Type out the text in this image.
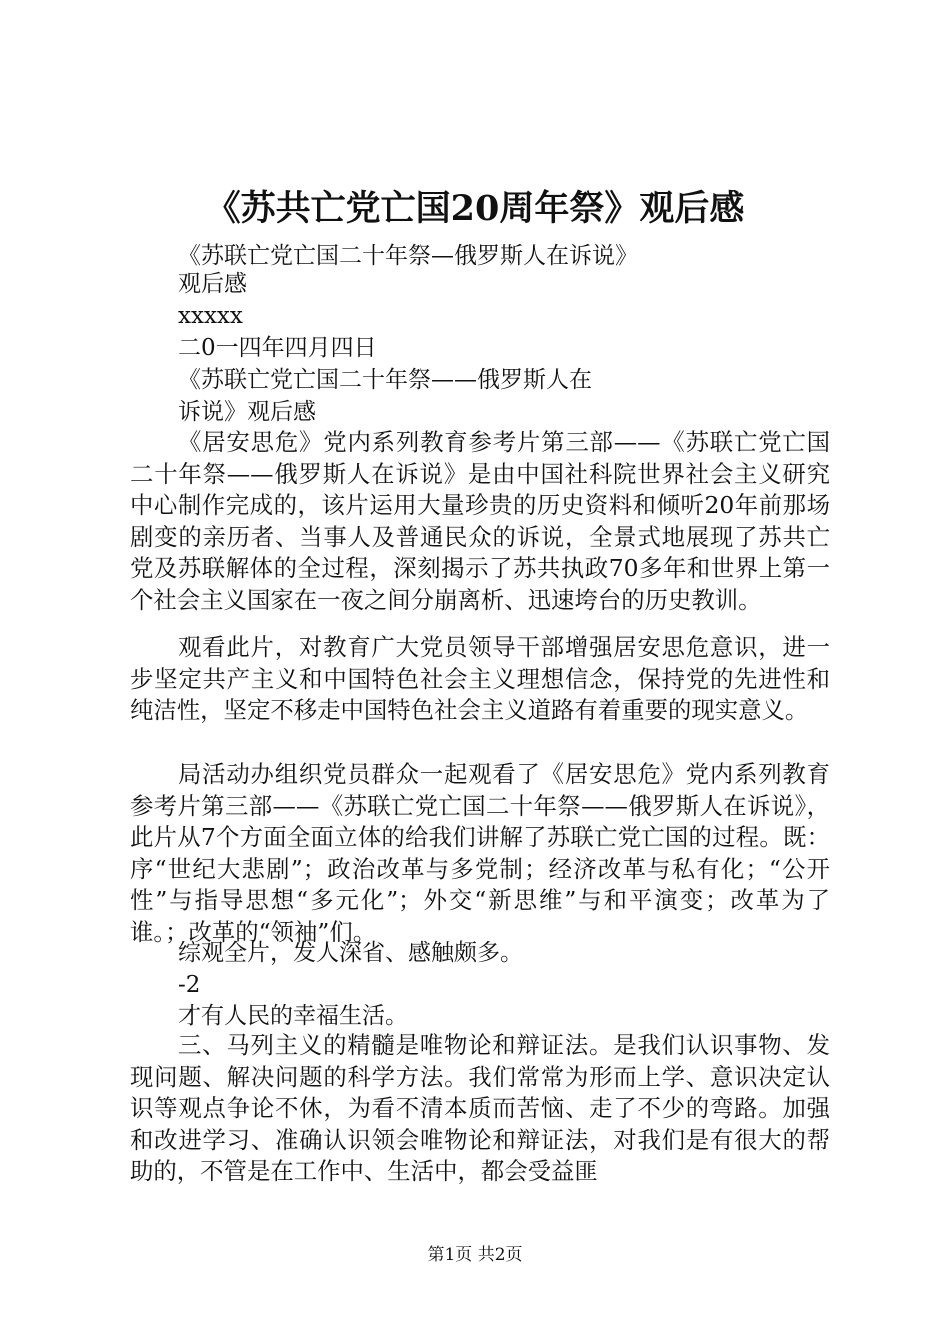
《苏共亡党亡国20周年祭》观后感
《苏联亡党亡国二十年祭—俄罗斯人在诉说》
观后感
xxxxx
二0一四年四月四日
《苏联亡党亡国二十年祭——俄罗斯人在
诉说》观后感
《居安思危》党内系列教育参考片第三部——《苏联亡党亡国二十年祭——俄罗斯人在诉说》是由中国社科院世界社会主义研究中心制作完成的，该片运用大量珍贵的历史资料和倾听20年前那场剧变的亲历者、当事人及普通民众的诉说，全景式地展现了苏共亡党及苏联解体的全过程，深刻揭示了苏共执政70多年和世界上第一个社会主义国家在一夜之间分崩离析、迅速垮台的历史教训。
观看此片，对教育广大党员领导干部增强居安思危意识，进一步坚定共产主义和中国特色社会主义理想信念，保持党的先进性和纯洁性，坚定不移走中国特色社会主义道路有着重要的现实意义。
局活动办组织党员群众一起观看了《居安思危》党内系列教育参考片第三部——《苏联亡党亡国二十年祭——俄罗斯人在诉说》，此片从7个方面全面立体的给我们讲解了苏联亡党亡国的过程。既：序“世纪大悲剧”；政治改革与多党制；经济改革与私有化；“公开性”与指导思想“多元化”；外交“新思维”与和平演变；改革为了谁。；改革的“领袖”们。
综观全片，发人深省、感触颇多。
-2
才有人民的幸福生活。
三、马列主义的精髓是唯物论和辩证法。是我们认识事物、发现问题、解决问题的科学方法。我们常常为形而上学、意识决定认识等观点争论不休，为看不清本质而苦恼、走了不少的弯路。加强和改进学习、准确认识领会唯物论和辩证法，对我们是有很大的帮助的，不管是在工作中、生活中，都会受益匪
第1页 共2页
